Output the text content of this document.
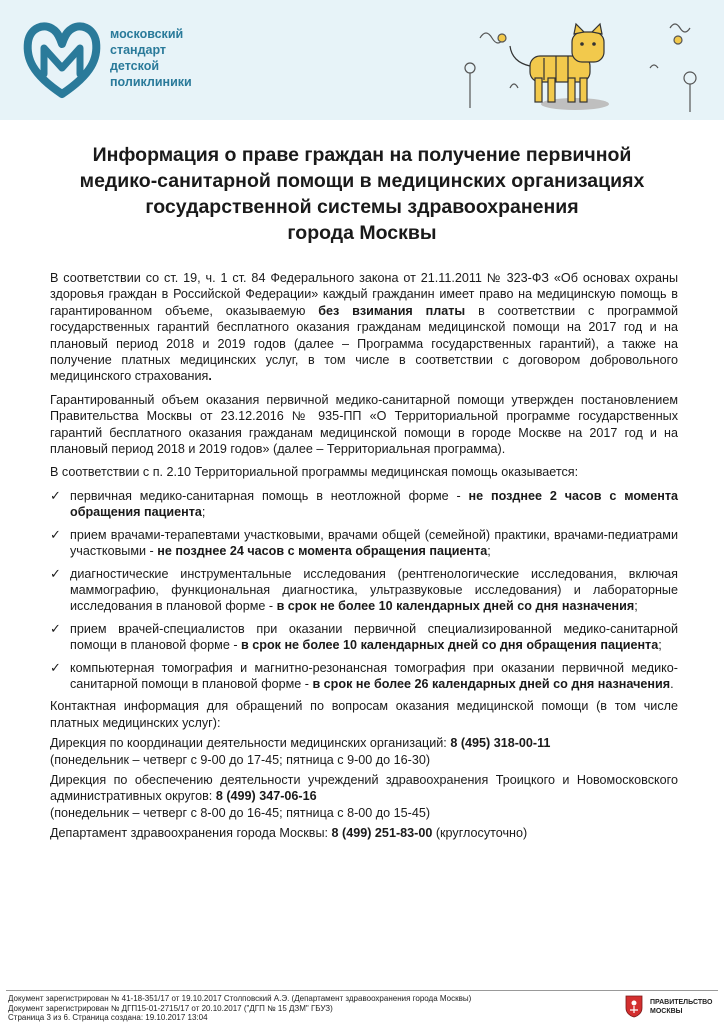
московский
стандарт
детской
поликлиники
Информация о праве граждан на получение первичной
медико-санитарной помощи в медицинских организациях
государственной системы здравоохранения
города Москвы

В соответствии со ст. 19, ч. 1 ст. 84 Федерального закона от 21.11.2011 № 323-ФЗ «Об основах охраны здоровья граждан в Российской Федерации» каждый гражданин имеет право на медицинскую помощь в гарантированном объеме, оказываемую без взимания платы в соответствии с программой государственных гарантий бесплатного оказания гражданам медицинской помощи на 2017 год и на плановый период 2018 и 2019 годов (далее – Программа государственных гарантий), а также на получение платных медицинских услуг, в том числе в соответствии с договором добровольного медицинского страхования.

Гарантированный объем оказания первичной медико-санитарной помощи утвержден постановлением Правительства Москвы от 23.12.2016 № 935-ПП «О Территориальной программе государственных гарантий бесплатного оказания гражданам медицинской помощи в городе Москве на 2017 год и на плановый период 2018 и 2019 годов» (далее – Территориальная программа).

В соответствии с п. 2.10 Территориальной программы медицинская помощь оказывается:

✓ первичная медико-санитарная помощь в неотложной форме - не позднее 2 часов с момента обращения пациента;
✓ прием врачами-терапевтами участковыми, врачами общей (семейной) практики, врачами-педиатрами участковыми - не позднее 24 часов с момента обращения пациента;
✓ диагностические инструментальные исследования (рентгенологические исследования, включая маммографию, функциональная диагностика, ультразвуковые исследования) и лабораторные исследования в плановой форме - в срок не более 10 календарных дней со дня назначения;
✓ прием врачей-специалистов при оказании первичной специализированной медико-санитарной помощи в плановой форме - в срок не более 10 календарных дней со дня обращения пациента;
✓ компьютерная томография и магнитно-резонансная томография при оказании первичной медико-санитарной помощи в плановой форме - в срок не более 26 календарных дней со дня назначения.

Контактная информация для обращений по вопросам оказания медицинской помощи (в том числе платных медицинских услуг):

Дирекция по координации деятельности медицинских организаций: 8 (495) 318-00-11
(понедельник – четверг с 9-00 до 17-45; пятница с 9-00 до 16-30)

Дирекция по обеспечению деятельности учреждений здравоохранения Троицкого и Новомосковского административных округов: 8 (499) 347-06-16
(понедельник – четверг с 8-00 до 16-45; пятница с 8-00 до 15-45)

Департамент здравоохранения города Москвы: 8 (499) 251-83-00 (круглосуточно)

Документ зарегистрирован № 41-18-351/17 от 19.10.2017 Столповский А.Э. (Департамент здравоохранения города Москвы)
Документ зарегистрирован № ДГП15-01-2715/17 от 20.10.2017 ("ДГП № 15 ДЗМ" ГБУЗ)
Страница 3 из 6. Страница создана: 19.10.2017 13:04
ПРАВИТЕЛЬСТВО
МОСКВЫ
